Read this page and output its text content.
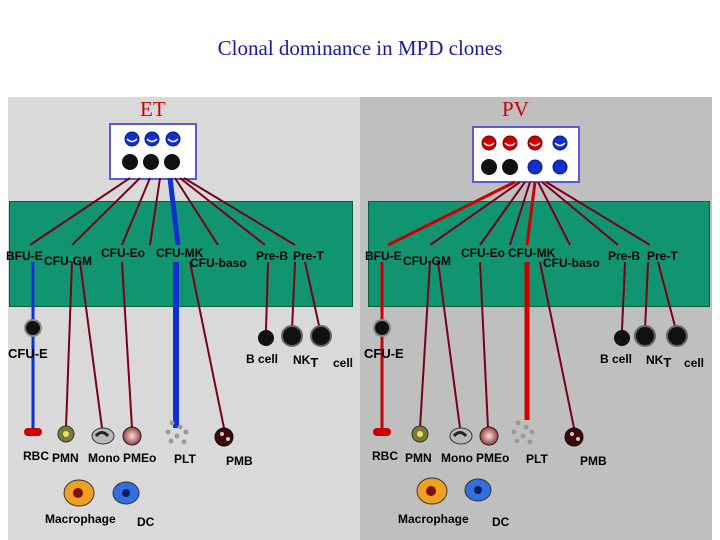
Clonal dominance in MPD clones
ET	PV
BFU-E CFU-GM
CFU-Eo CFU-MK
CFU-baso Pre-B Pre-T
CFU-E	B cell NKT cell
RBC PMN Mono PMEo PLT	PMB
Macrophage DC
BFU-E CFU-GM
CFU-Eo CFU-MK
CFU-baso Pre-B Pre-T
CFU-E	B cell NKT cell
RBC PMN Mono PMEo PLT	PMB
Macrophage DC
